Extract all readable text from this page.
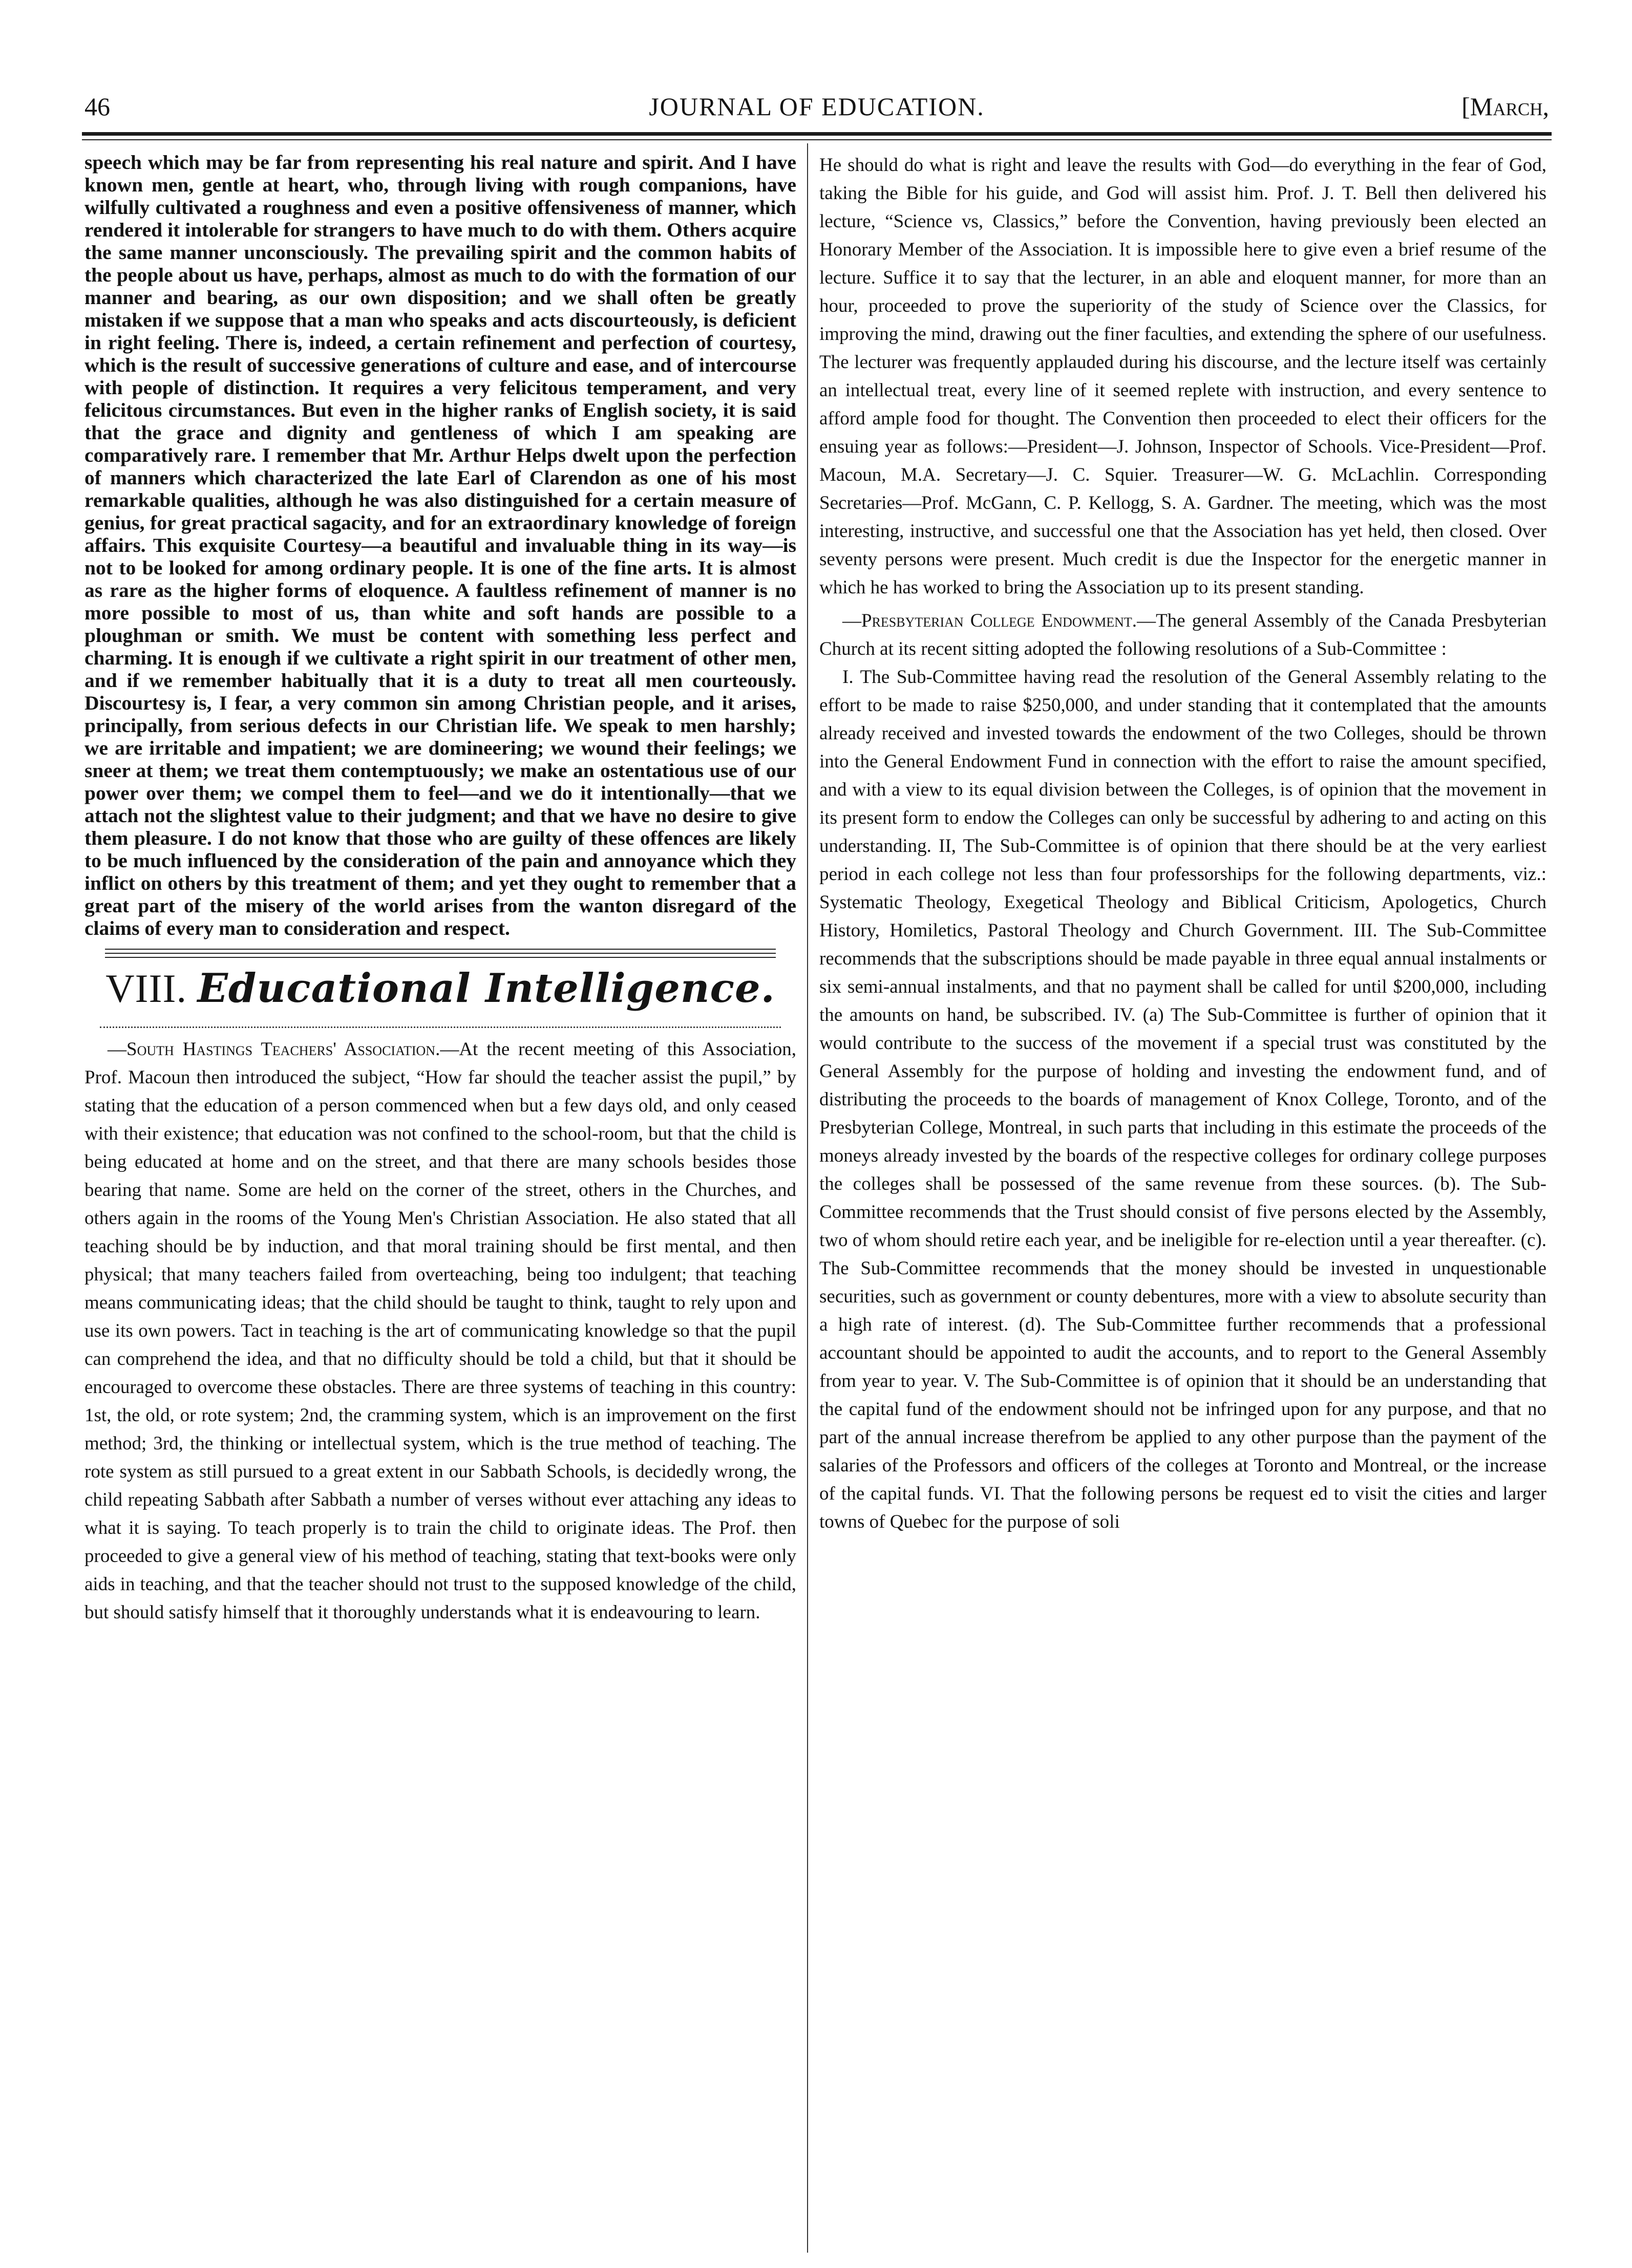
46	JOURNAL OF EDUCATION.	[March,

speech which may be far from representing his real nature and spirit. And I have known men, gentle at heart, who, through living with rough companions, have wilfully cultivated a roughness and even a positive offensiveness of manner, which rendered it intolerable for strangers to have much to do with them. Others acquire the same manner unconsciously. The prevailing spirit and the common habits of the people about us have, perhaps, almost as much to do with the formation of our manner and bearing, as our own disposition; and we shall often be greatly mistaken if we suppose that a man who speaks and acts discourteously, is deficient in right feeling. There is, indeed, a certain refinement and perfection of courtesy, which is the result of successive generations of culture and ease, and of intercourse with people of distinction. It requires a very felicitous temperament, and very felicitous circumstances. But even in the higher ranks of English society, it is said that the grace and dignity and gentleness of which I am speaking are comparatively rare. I remember that Mr. Arthur Helps dwelt upon the perfection of manners which characterized the late Earl of Clarendon as one of his most remarkable qualities, although he was also distinguished for a certain measure of genius, for great practical sagacity, and for an extraordinary knowledge of foreign affairs. This exquisite Courtesy—a beautiful and invaluable thing in its way—is not to be looked for among ordinary people. It is one of the fine arts. It is almost as rare as the higher forms of eloquence. A faultless refinement of manner is no more possible to most of us, than white and soft hands are possible to a ploughman or smith. We must be content with something less perfect and charming. It is enough if we cultivate a right spirit in our treatment of other men, and if we remember habitually that it is a duty to treat all men courteously. Discourtesy is, I fear, a very common sin among Christian people, and it arises, principally, from serious defects in our Christian life. We speak to men harshly; we are irritable and impatient; we are domineering; we wound their feelings; we sneer at them; we treat them contemptuously; we make an ostentatious use of our power over them; we compel them to feel—and we do it intentionally—that we attach not the slightest value to their judgment; and that we have no desire to give them pleasure. I do not know that those who are guilty of these offences are likely to be much influenced by the consideration of the pain and annoyance which they inflict on others by this treatment of them; and yet they ought to remember that a great part of the misery of the world arises from the wanton disregard of the claims of every man to consideration and respect.

VIII. Educational Intelligence.

—South Hastings Teachers' Association.—At the recent meeting of this Association, Prof. Macoun then introduced the subject, “How far should the teacher assist the pupil,” by stating that the education of a person commenced when but a few days old, and only ceased with their existence; that education was not confined to the school-room, but that the child is being educated at home and on the street, and that there are many schools besides those bearing that name. Some are held on the corner of the street, others in the Churches, and others again in the rooms of the Young Men's Christian Association. He also stated that all teaching should be by induction, and that moral training should be first mental, and then physical; that many teachers failed from overteaching, being too indulgent; that teaching means communicating ideas; that the child should be taught to think, taught to rely upon and use its own powers. Tact in teaching is the art of communicating knowledge so that the pupil can comprehend the idea, and that no difficulty should be told a child, but that it should be encouraged to overcome these obstacles. There are three systems of teaching in this country: 1st, the old, or rote system; 2nd, the cramming system, which is an improvement on the first method; 3rd, the thinking or intellectual system, which is the true method of teaching. The rote system as still pursued to a great extent in our Sabbath Schools, is decidedly wrong, the child repeating Sabbath after Sabbath a number of verses without ever attaching any ideas to what it is saying. To teach properly is to train the child to originate ideas. The Prof. then proceeded to give a general view of his method of teaching, stating that text-books were only aids in teaching, and that the teacher should not trust to the supposed knowledge of the child, but should satisfy himself that it thoroughly understands what it is endeavouring to learn.

He should do what is right and leave the results with God—do everything in the fear of God, taking the Bible for his guide, and God will assist him. Prof. J. T. Bell then delivered his lecture, “Science vs, Classics,” before the Convention, having previously been elected an Honorary Member of the Association. It is impossible here to give even a brief resume of the lecture. Suffice it to say that the lecturer, in an able and eloquent manner, for more than an hour, proceeded to prove the superiority of the study of Science over the Classics, for improving the mind, drawing out the finer faculties, and extending the sphere of our usefulness. The lecturer was frequently applauded during his discourse, and the lecture itself was certainly an intellectual treat, every line of it seemed replete with instruction, and every sentence to afford ample food for thought. The Convention then proceeded to elect their officers for the ensuing year as follows:—President—J. Johnson, Inspector of Schools. Vice-President—Prof. Macoun, M.A. Secretary—J. C. Squier. Treasurer—W. G. McLachlin. Corresponding Secretaries—Prof. McGann, C. P. Kellogg, S. A. Gardner. The meeting, which was the most interesting, instructive, and successful one that the Association has yet held, then closed. Over seventy persons were present. Much credit is due the Inspector for the energetic manner in which he has worked to bring the Association up to its present standing.

—Presbyterian College Endowment.—The general Assembly of the Canada Presbyterian Church at its recent sitting adopted the following resolutions of a Sub-Committee :

I. The Sub-Committee having read the resolution of the General Assembly relating to the effort to be made to raise $250,000, and under standing that it contemplated that the amounts already received and invested towards the endowment of the two Colleges, should be thrown into the General Endowment Fund in connection with the effort to raise the amount specified, and with a view to its equal division between the Colleges, is of opinion that the movement in its present form to endow the Colleges can only be successful by adhering to and acting on this understanding. II, The Sub-Committee is of opinion that there should be at the very earliest period in each college not less than four professorships for the following departments, viz.: Systematic Theology, Exegetical Theology and Biblical Criticism, Apologetics, Church History, Homiletics, Pastoral Theology and Church Government. III. The Sub-Committee recommends that the subscriptions should be made payable in three equal annual instalments or six semi-annual instalments, and that no payment shall be called for until $200,000, including the amounts on hand, be subscribed. IV. (a) The Sub-Committee is further of opinion that it would contribute to the success of the movement if a special trust was constituted by the General Assembly for the purpose of holding and investing the endowment fund, and of distributing the proceeds to the boards of management of Knox College, Toronto, and of the Presbyterian College, Montreal, in such parts that including in this estimate the proceeds of the moneys already invested by the boards of the respective colleges for ordinary college purposes the colleges shall be possessed of the same revenue from these sources. (b). The Sub-Committee recommends that the Trust should consist of five persons elected by the Assembly, two of whom should retire each year, and be ineligible for re-election until a year thereafter. (c). The Sub-Committee recommends that the money should be invested in unquestionable securities, such as government or county debentures, more with a view to absolute security than a high rate of interest. (d). The Sub-Committee further recommends that a professional accountant should be appointed to audit the accounts, and to report to the General Assembly from year to year. V. The Sub-Committee is of opinion that it should be an understanding that the capital fund of the endowment should not be infringed upon for any purpose, and that no part of the annual increase therefrom be applied to any other purpose than the payment of the salaries of the Professors and officers of the colleges at Toronto and Montreal, or the increase of the capital funds. VI. That the following persons be request ed to visit the cities and larger towns of Quebec for the purpose of soli
